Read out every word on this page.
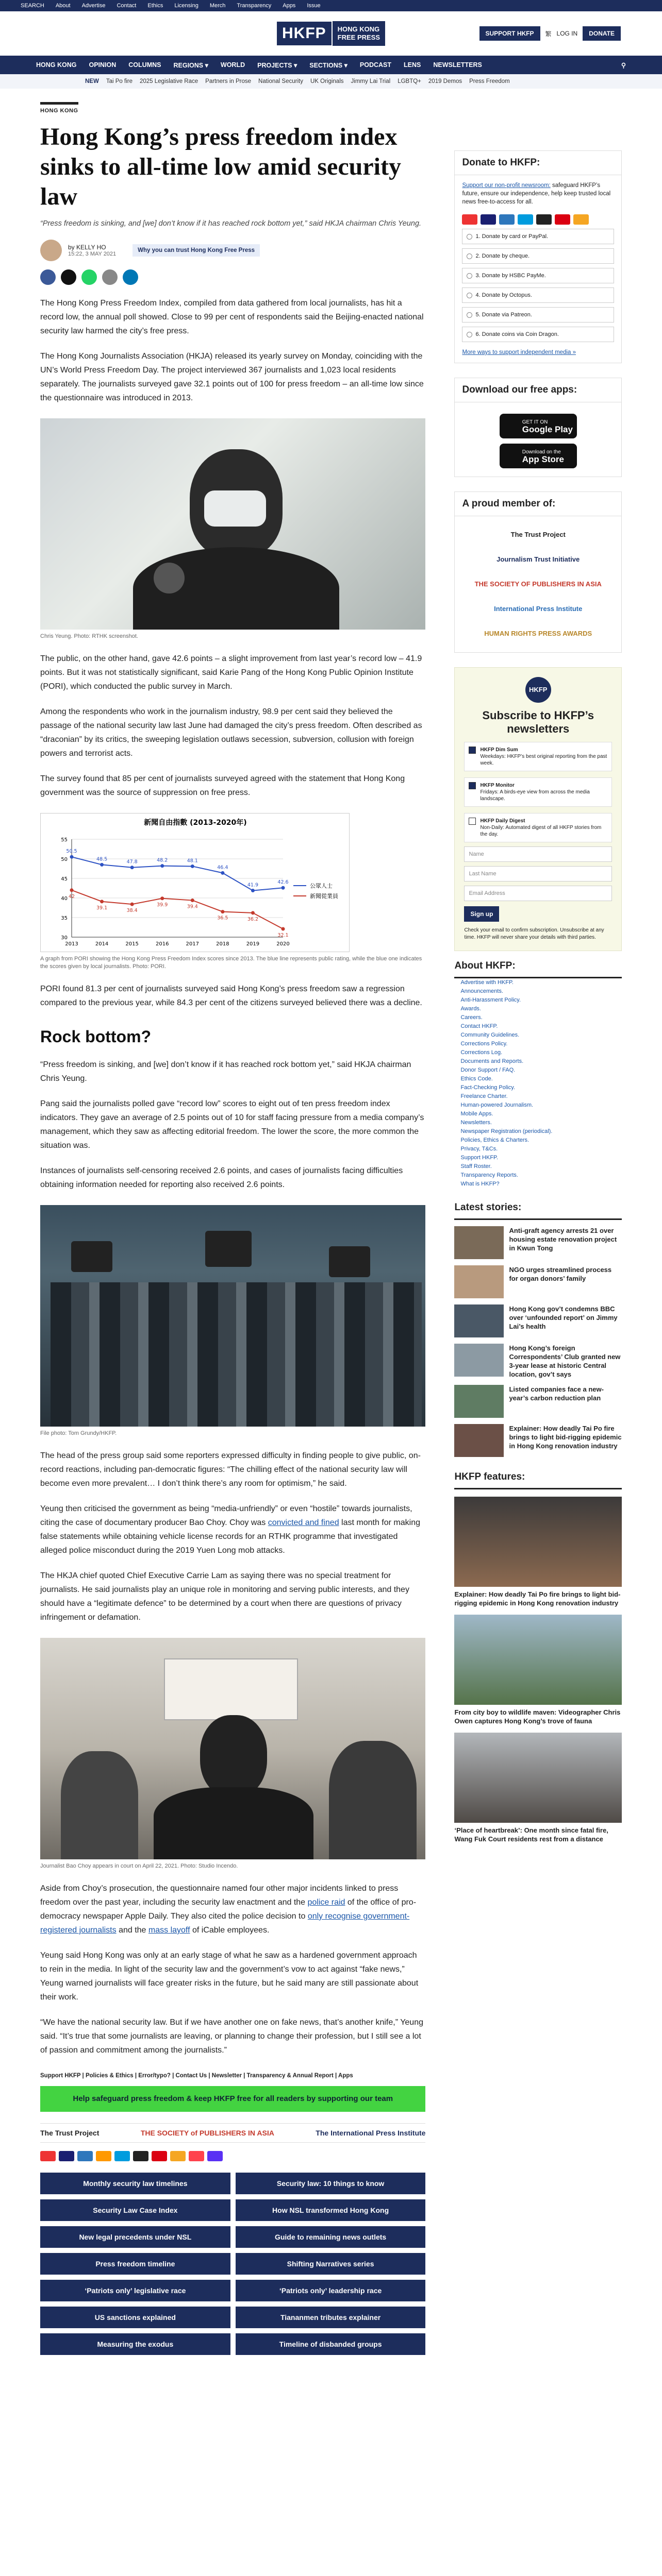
SEARCH About Advertise Contact Ethics Licensing Merch Transparency Apps Issue
HKFP	HONG KONG
FREE PRESS	SUPPORT HKFP	繁 LOG IN	DONATE
HONG KONG OPINION COLUMNS REGIONS ▾ WORLD PROJECTS ▾ SECTIONS ▾ PODCAST LENS NEWSLETTERS	⚲
NEW Tai Po fire 2025 Legislative Race Partners in Prose National Security UK Originals Jimmy Lai Trial LGBTQ+ 2019 Demos Press Freedom
HONG KONG
Hong Kong’s press freedom index sinks to all-time low amid security law
“Press freedom is sinking, and [we] don’t know if it has reached rock bottom yet,” said HKJA chairman Chris Yeung.
by KELLY HO
15:22, 3 MAY 2021
Why you can trust Hong Kong Free Press

The Hong Kong Press Freedom Index, compiled from data gathered from local journalists, has hit a record low, the annual poll showed. Close to 99 per cent of respondents said the Beijing-enacted national security law harmed the city’s free press.

The Hong Kong Journalists Association (HKJA) released its yearly survey on Monday, coinciding with the UN’s World Press Freedom Day. The project interviewed 367 journalists and 1,023 local residents separately. The journalists surveyed gave 32.1 points out of 100 for press freedom – an all-time low since the questionnaire was introduced in 2013.

Chris Yeung. Photo: RTHK screenshot.

The public, on the other hand, gave 42.6 points – a slight improvement from last year’s record low – 41.9 points. But it was not statistically significant, said Karie Pang of the Hong Kong Public Opinion Institute (PORI), which conducted the public survey in March.

Among the respondents who work in the journalism industry, 98.9 per cent said they believed the passage of the national security law last June had damaged the city’s press freedom. Often described as “draconian” by its critics, the sweeping legislation outlaws secession, subversion, collusion with foreign powers and terrorist acts.

The survey found that 85 per cent of journalists surveyed agreed with the statement that Hong Kong government was the source of suppression on free press.

新聞自由指數 (2013-2020年)
30
35
40
45
50
55
2013	2014	2015	2016	2017	2018	2019	2020
50.5
48.5	47.8	48.2	48.1
46.4
41.9	42.6
公眾人士
42
39.1	38.4
39.9	39.4
36.5	36.2
32.1
新聞從業員
A graph from PORI showing the Hong Kong Press Freedom Index scores since 2013. The blue line represents public rating, while the blue one indicates the scores given by local journalists. Photo: PORI.

PORI found 81.3 per cent of journalists surveyed said Hong Kong’s press freedom saw a regression compared to the previous year, while 84.3 per cent of the citizens surveyed believed there was a decline.

Rock bottom?

“Press freedom is sinking, and [we] don’t know if it has reached rock bottom yet,” said HKJA chairman Chris Yeung.

Pang said the journalists polled gave “record low” scores to eight out of ten press freedom index indicators. They gave an average of 2.5 points out of 10 for staff facing pressure from a media company’s management, which they saw as affecting editorial freedom. The lower the score, the more common the situation was.

Instances of journalists self-censoring received 2.6 points, and cases of journalists facing difficulties obtaining information needed for reporting also received 2.6 points.

File photo: Tom Grundy/HKFP.

The head of the press group said some reporters expressed difficulty in finding people to give public, on-record reactions, including pan-democratic figures: “The chilling effect of the national security law will become even more prevalent… I don’t think there’s any room for optimism,” he said.

Yeung then criticised the government as being “media-unfriendly” or even “hostile” towards journalists, citing the case of documentary producer Bao Choy. Choy was convicted and fined last month for making false statements while obtaining vehicle license records for an RTHK programme that investigated alleged police misconduct during the 2019 Yuen Long mob attacks.

The HKJA chief quoted Chief Executive Carrie Lam as saying there was no special treatment for journalists. He said journalists play an unique role in monitoring and serving public interests, and they should have a “legitimate defence” to be determined by a court when there are questions of privacy infringement or defamation.

Journalist Bao Choy appears in court on April 22, 2021. Photo: Studio Incendo.

Aside from Choy’s prosecution, the questionnaire named four other major incidents linked to press freedom over the past year, including the security law enactment and the police raid of the office of pro-democracy newspaper Apple Daily. They also cited the police decision to only recognise government-registered journalists and the mass layoff of iCable employees.

Yeung said Hong Kong was only at an early stage of what he saw as a hardened government approach to rein in the media. In light of the security law and the government’s vow to act against “fake news,” Yeung warned journalists will face greater risks in the future, but he said many are still passionate about their work.

“We have the national security law. But if we have another one on fake news, that’s another knife,” Yeung said. “It’s true that some journalists are leaving, or planning to change their profession, but I still see a lot of passion and commitment among the journalists.”

Support HKFP | Policies & Ethics | Error/typo? | Contact Us | Newsletter | Transparency & Annual Report | Apps
Help safeguard press freedom & keep HKFP free for all readers by supporting our team
The Trust Project	THE SOCIETY of PUBLISHERS IN ASIA	The International Press Institute
Monthly security law timelines	Security law: 10 things to know
Security Law Case Index	How NSL transformed Hong Kong
New legal precedents under NSL	Guide to remaining news outlets
Press freedom timeline	Shifting Narratives series
‘Patriots only’ legislative race	‘Patriots only’ leadership race
US sanctions explained	Tiananmen tributes explainer
Measuring the exodus	Timeline of disbanded groups
Donate to HKFP:
Support our non-profit newsroom: safeguard HKFP’s future, ensure our independence, help keep trusted local news free-to-access for all.
1. Donate by card or PayPal.
2. Donate by cheque.
3. Donate by HSBC PayMe.
4. Donate by Octopus.
5. Donate via Patreon.
6. Donate coins via Coin Dragon.
More ways to support independent media »
Download our free apps:
GET IT ON
Google Play
Download on the
App Store
A proud member of:
The Trust Project
Journalism Trust Initiative
THE SOCIETY OF PUBLISHERS IN ASIA
International Press Institute
HUMAN RIGHTS PRESS AWARDS
HKFP
Subscribe to HKFP’s newsletters
HKFP Dim Sum
Weekdays: HKFP’s best original reporting from the past week.
HKFP Monitor
Fridays: A birds-eye view from across the media landscape.
HKFP Daily Digest
Non-Daily: Automated digest of all HKFP stories from the day.
Name
Last Name
Email Address
Sign up
Check your email to confirm subscription. Unsubscribe at any time. HKFP will never share your details with third parties.
About HKFP:
Advertise with HKFP.
Announcements.
Anti-Harassment Policy.
Awards.
Careers.
Contact HKFP.
Community Guidelines.
Corrections Policy.
Corrections Log.
Documents and Reports.
Donor Support / FAQ.
Ethics Code.
Fact-Checking Policy.
Freelance Charter.
Human-powered Journalism.
Mobile Apps.
Newsletters.
Newspaper Registration (periodical).
Policies, Ethics & Charters.
Privacy, T&Cs.
Support HKFP.
Staff Roster.
Transparency Reports.
What is HKFP?
Latest stories:
Anti-graft agency arrests 21 over housing estate renovation project in Kwun Tong
NGO urges streamlined process for organ donors’ family
Hong Kong gov’t condemns BBC over ‘unfounded report’ on Jimmy Lai’s health
Hong Kong’s foreign Correspondents’ Club granted new 3-year lease at historic Central location, gov’t says
Listed companies face a new-year’s carbon reduction plan
Explainer: How deadly Tai Po fire brings to light bid-rigging epidemic in Hong Kong renovation industry
HKFP features:
Explainer: How deadly Tai Po fire brings to light bid-rigging epidemic in Hong Kong renovation industry
From city boy to wildlife maven: Videographer Chris Owen captures Hong Kong’s trove of fauna
‘Place of heartbreak’: One month since fatal fire, Wang Fuk Court residents rest from a distance
